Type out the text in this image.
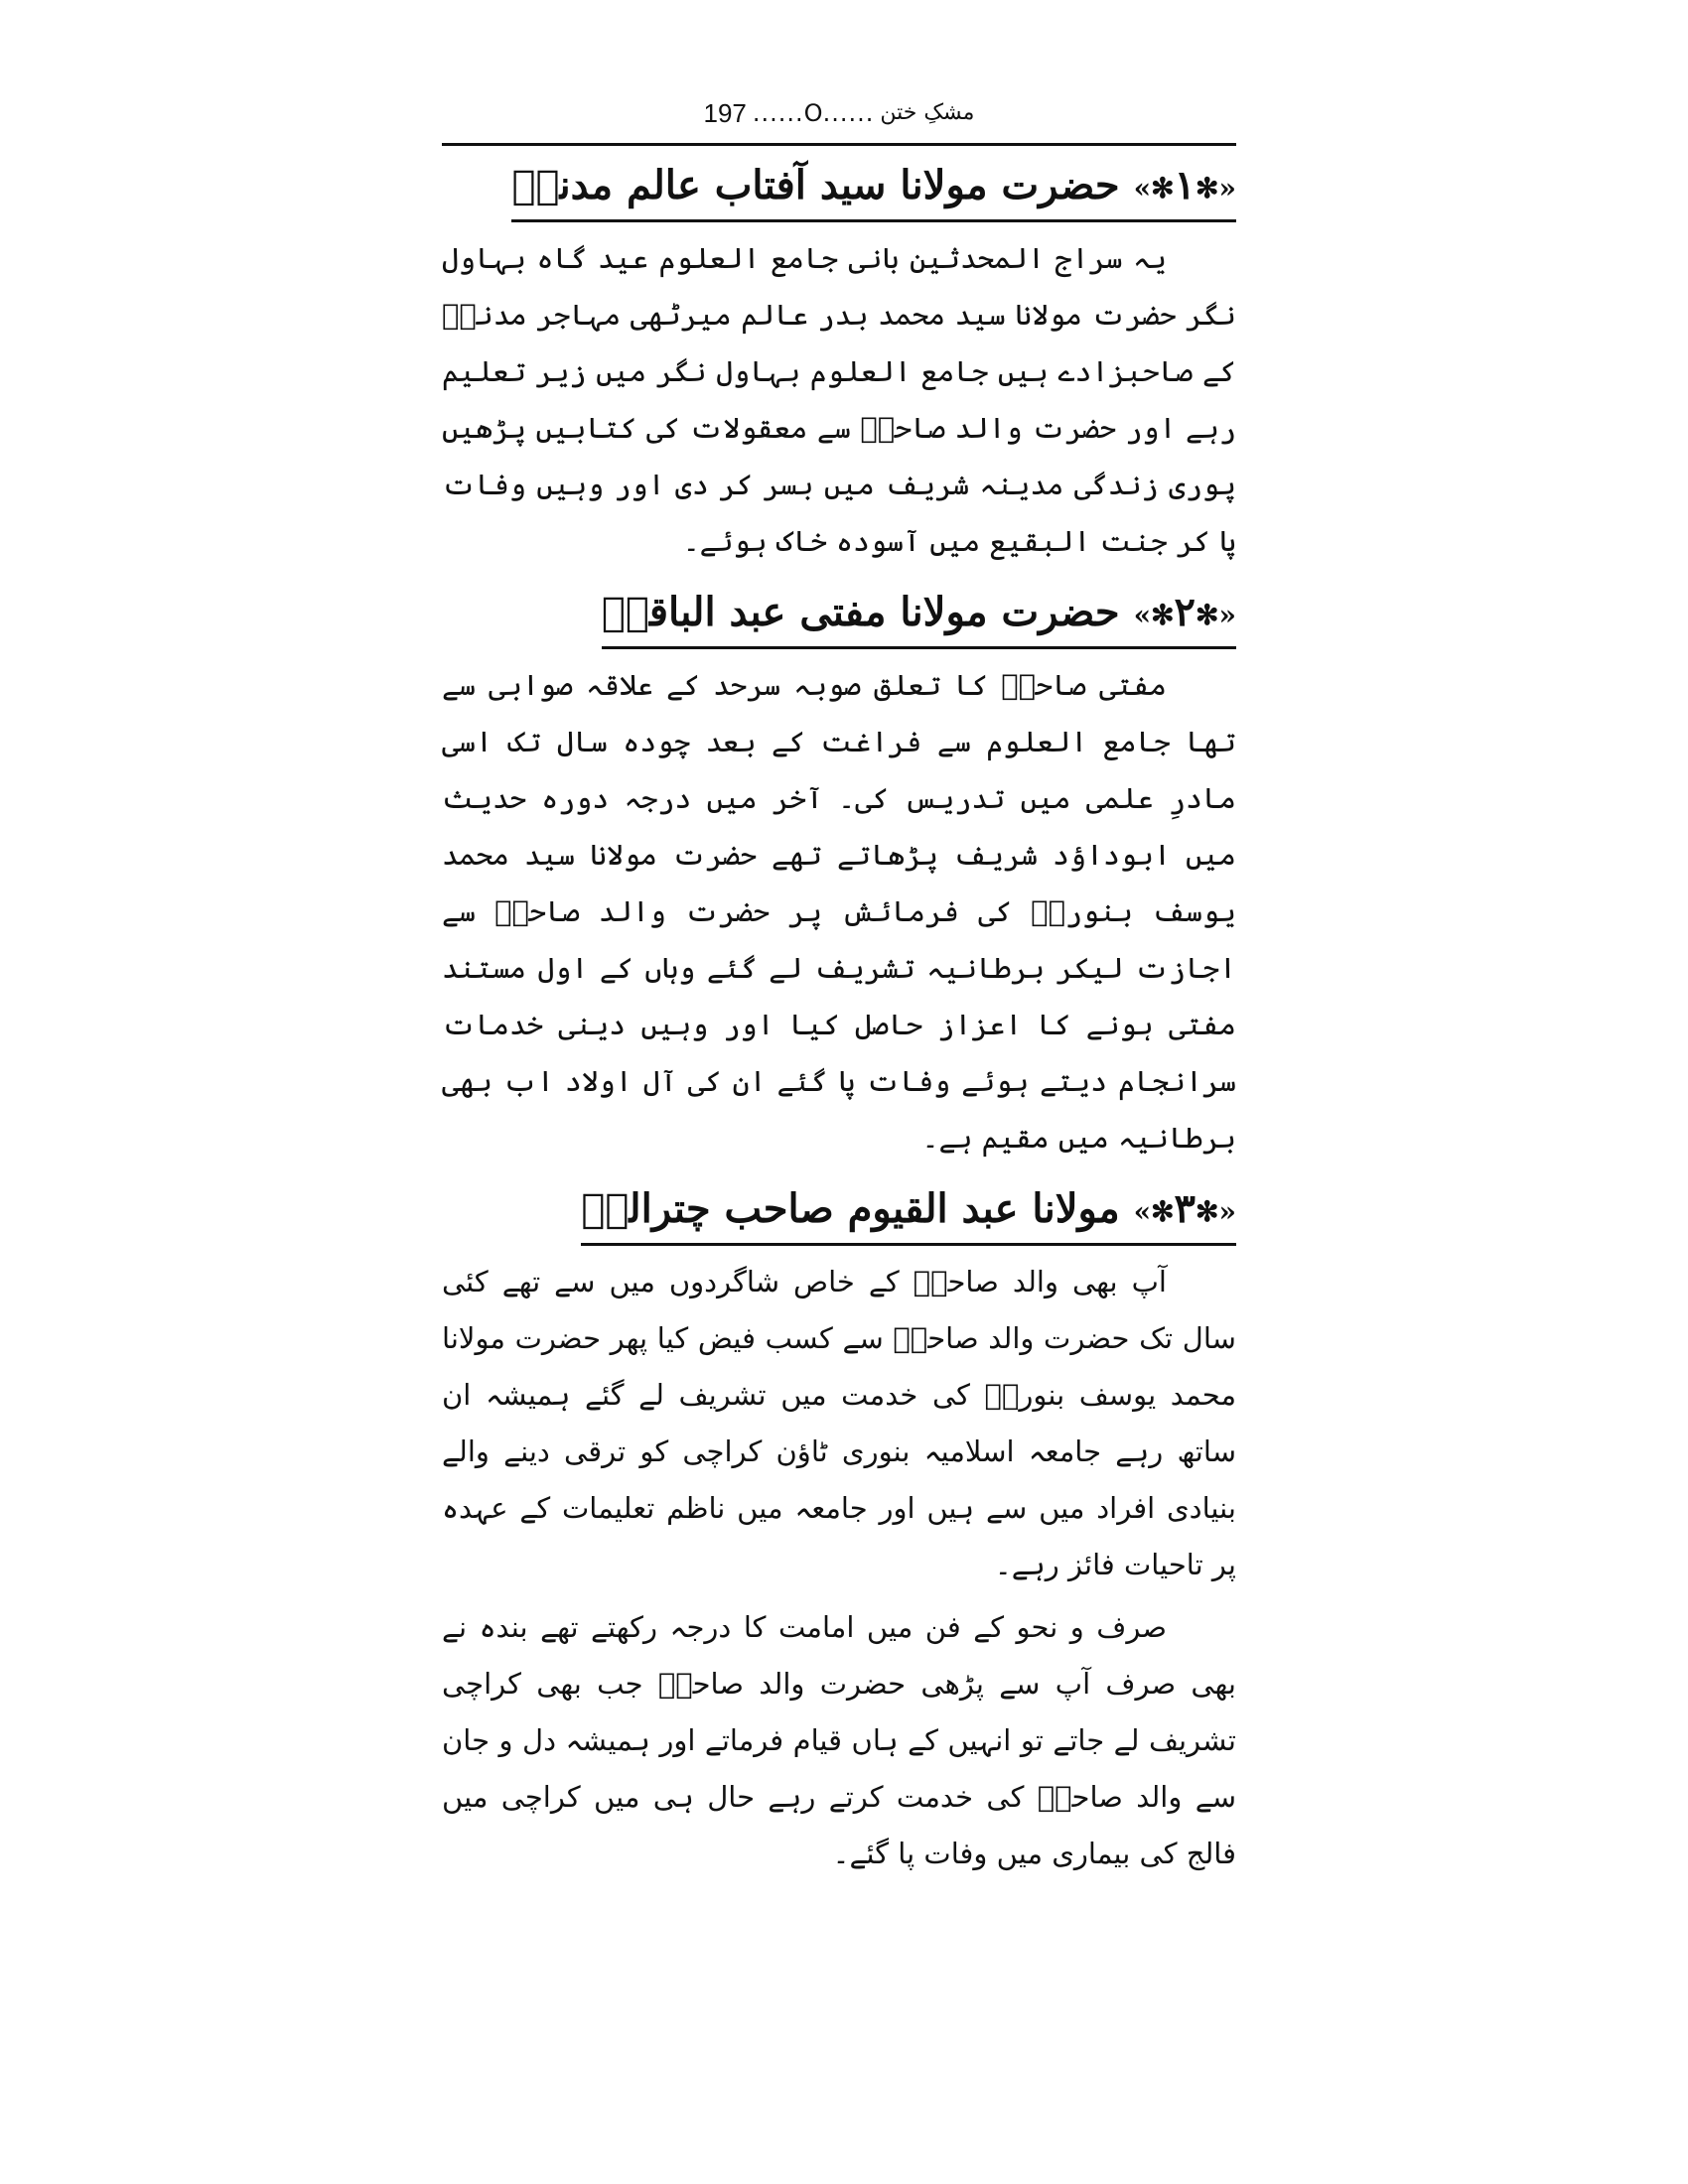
197 ......O...... مشکِ ختن
«✻۱✻» حضرت مولانا سید آفتاب عالم مدنیؒ

یہ سراج المحدثین بانی جامع العلوم عید گاہ بہاول نگر حضرت مولانا سید محمد بدر عالم میرٹھی مہاجر مدنیؒ کے صاحبزادے ہیں جامع العلوم بہاول نگر میں زیر تعلیم رہے اور حضرت والد صاحبؒ سے معقولات کی کتابیں پڑھیں پوری زندگی مدینہ شریف میں بسر کر دی اور وہیں وفات پا کر جنت البقیع میں آسودہ خاک ہوئے۔

«✻۲✻» حضرت مولانا مفتی عبد الباقیؒ

مفتی صاحبؒ کا تعلق صوبہ سرحد کے علاقہ صوابی سے تھا جامع العلوم سے فراغت کے بعد چودہ سال تک اسی مادرِ علمی میں تدریس کی۔ آخر میں درجہ دورہ حدیث میں ابوداؤد شریف پڑھاتے تھے حضرت مولانا سید محمد یوسف بنوریؒ کی فرمائش پر حضرت والد صاحبؒ سے اجازت لیکر برطانیہ تشریف لے گئے وہاں کے اول مستند مفتی ہونے کا اعزاز حاصل کیا اور وہیں دینی خدمات سرانجام دیتے ہوئے وفات پا گئے ان کی آل اولاد اب بھی برطانیہ میں مقیم ہے۔

«✻۳✻» مولانا عبد القیوم صاحب چترالیؒ

آپ بھی والد صاحبؒ کے خاص شاگردوں میں سے تھے کئی سال تک حضرت والد صاحبؒ سے کسب فیض کیا پھر حضرت مولانا محمد یوسف بنوریؒ کی خدمت میں تشریف لے گئے ہمیشہ ان ساتھ رہے جامعہ اسلامیہ بنوری ٹاؤن کراچی کو ترقی دینے والے بنیادی افراد میں سے ہیں اور جامعہ میں ناظم تعلیمات کے عہدہ پر تاحیات فائز رہے۔

صرف و نحو کے فن میں امامت کا درجہ رکھتے تھے بندہ نے بھی صرف آپ سے پڑھی حضرت والد صاحبؒ جب بھی کراچی تشریف لے جاتے تو انہیں کے ہاں قیام فرماتے اور ہمیشہ دل و جان سے والد صاحبؒ کی خدمت کرتے رہے حال ہی میں کراچی میں فالج کی بیماری میں وفات پا گئے۔
